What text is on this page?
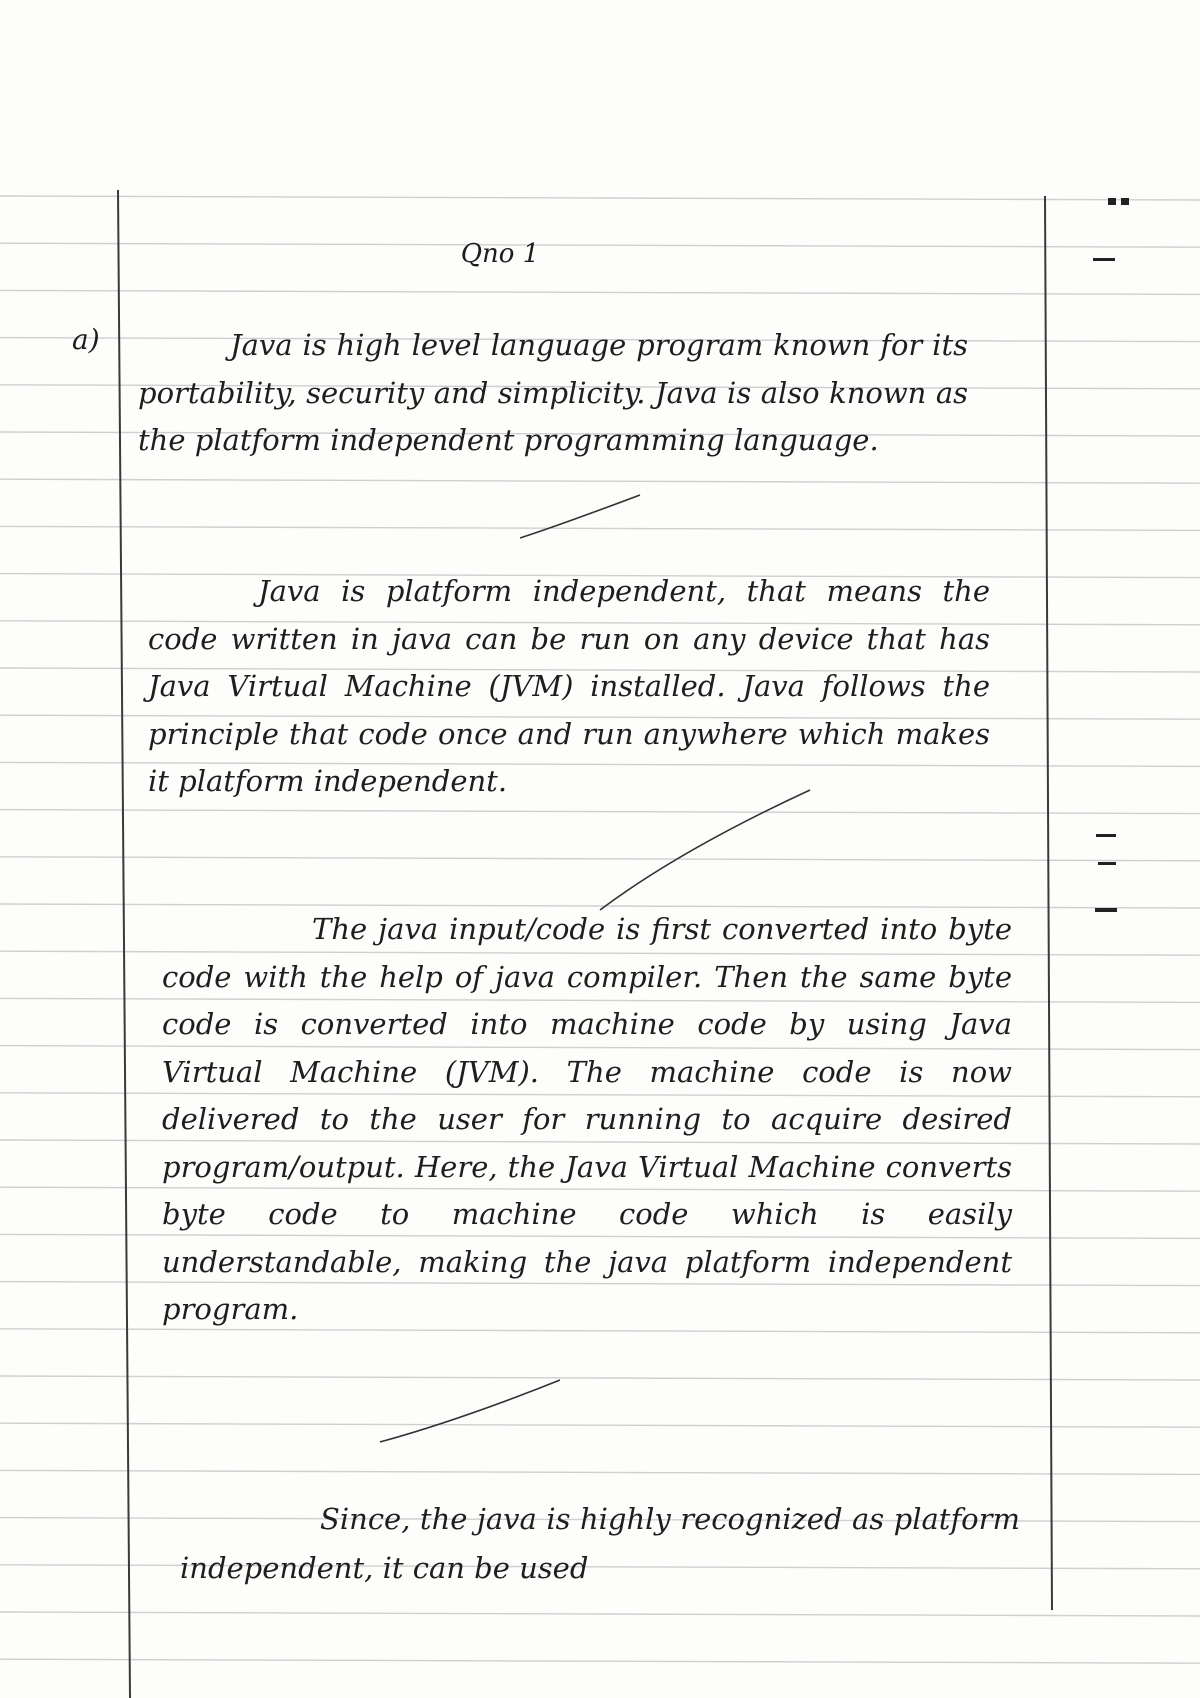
Qno 1
a)	Java is high level language program known for its portability, security and simplicity. Java is also known as the platform independent programming language.

Java is platform independent, that means the code written in java can be run on any device that has Java Virtual Machine (JVM) installed. Java follows the principle that code once and run anywhere which makes it platform independent.

The java input/code is first converted into byte code with the help of java compiler. Then the same byte code is converted into machine code by using Java Virtual Machine (JVM). The machine code is now delivered to the user for running to acquire desired program/output. Here, the Java Virtual Machine converts byte code to machine code which is easily understandable, making the java platform independent program.

Since, the java is highly recognized as platform independent, it can be used
